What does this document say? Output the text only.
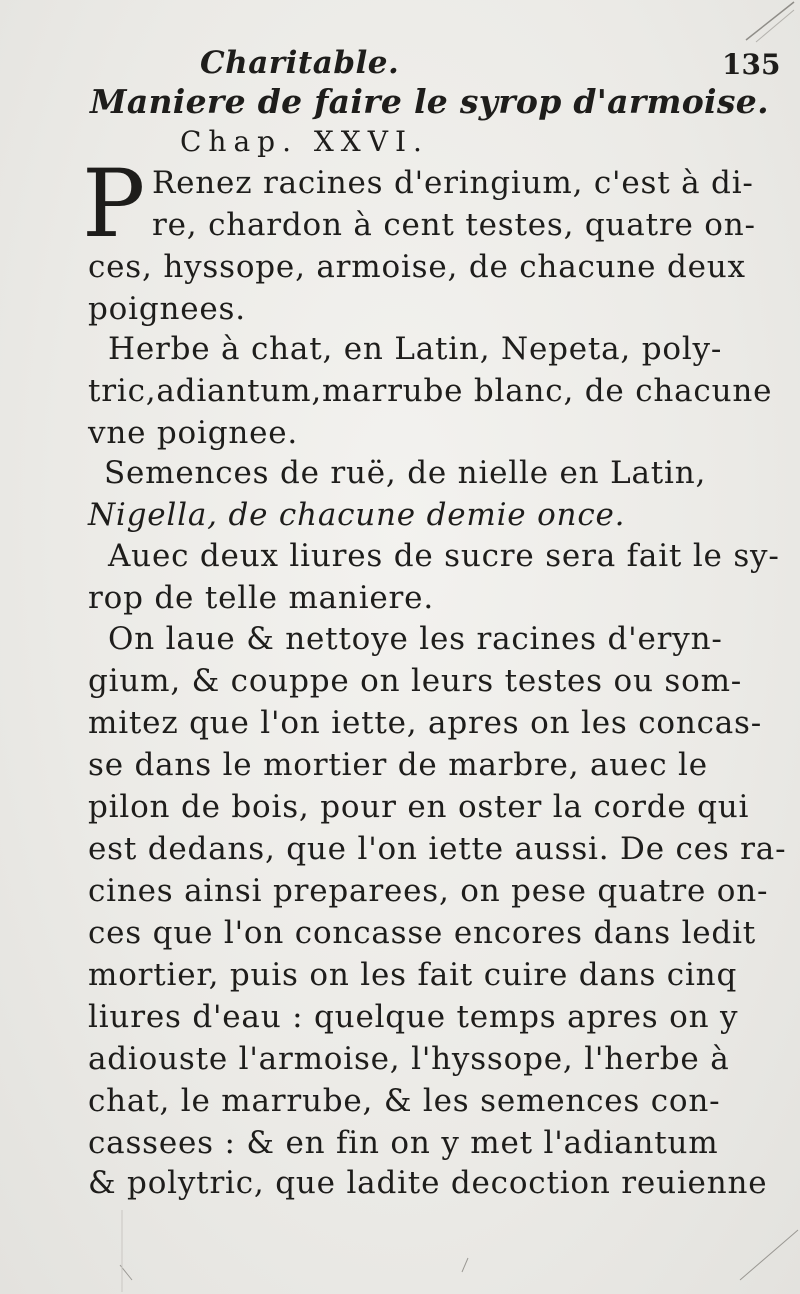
Charitable.	135
Maniere de faire le syrop d'armoise.
Chap. XXVI.
P Renez racines d'eringium, c'est à di-
re, chardon à cent testes, quatre on-
ces, hyssope, armoise, de chacune deux
poignees.
Herbe à chat, en Latin, Nepeta, poly-
tric,adiantum,marrube blanc, de chacune
vne poignee.
Semences de ruë, de nielle en Latin,
Nigella, de chacune demie once.
Auec deux liures de sucre sera fait le sy-
rop de telle maniere.
On laue & nettoye les racines d'eryn-
gium, & couppe on leurs testes ou som-
mitez que l'on iette, apres on les concas-
se dans le mortier de marbre, auec le
pilon de bois, pour en oster la corde qui
est dedans, que l'on iette aussi. De ces ra-
cines ainsi preparees, on pese quatre on-
ces que l'on concasse encores dans ledit
mortier, puis on les fait cuire dans cinq
liures d'eau : quelque temps apres on y
adiouste l'armoise, l'hyssope, l'herbe à
chat, le marrube, & les semences con-
cassees : & en fin on y met l'adiantum
& polytric, que ladite decoction reuienne
